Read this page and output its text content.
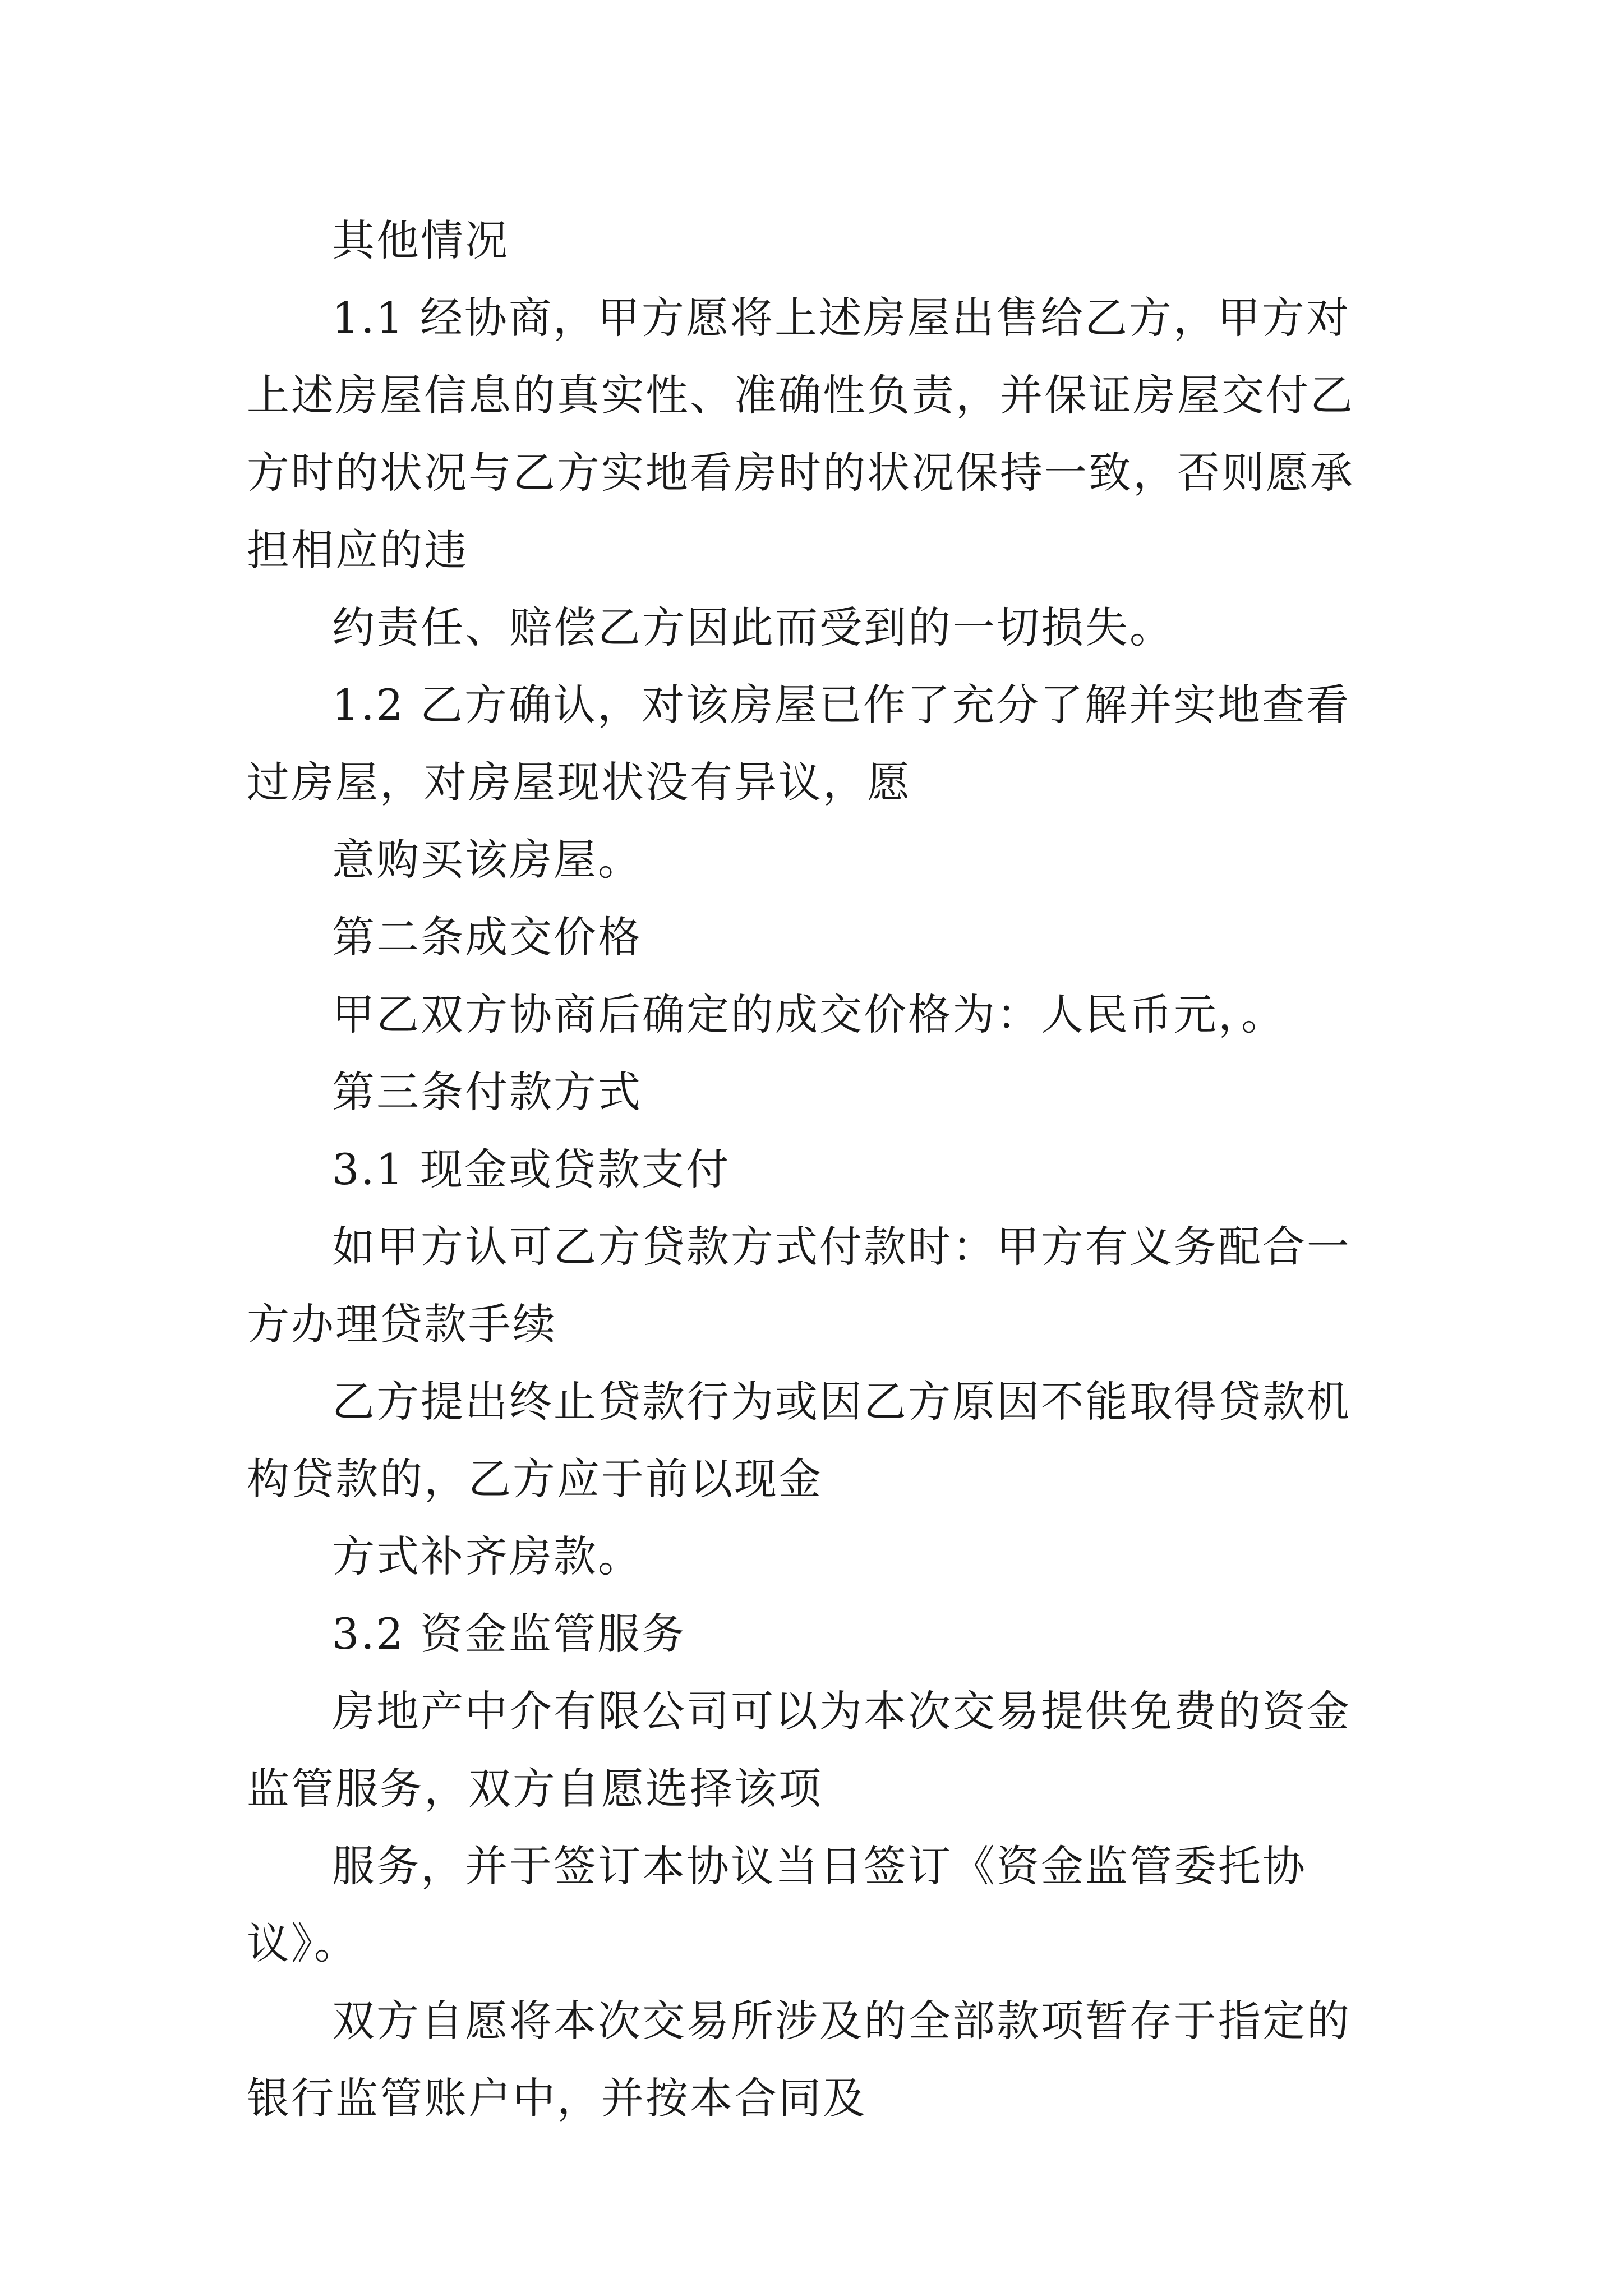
其他情况

1.1 经协商，甲方愿将上述房屋出售给乙方，甲方对上述房屋信息的真实性、准确性负责，并保证房屋交付乙方时的状况与乙方实地看房时的状况保持一致，否则愿承担相应的违

约责任、赔偿乙方因此而受到的一切损失。

1.2 乙方确认，对该房屋已作了充分了解并实地查看过房屋，对房屋现状没有异议，愿

意购买该房屋。

第二条成交价格

甲乙双方协商后确定的成交价格为：人民币元，。

第三条付款方式

3.1 现金或贷款支付

如甲方认可乙方贷款方式付款时：甲方有义务配合一方办理贷款手续

乙方提出终止贷款行为或因乙方原因不能取得贷款机构贷款的，乙方应于前以现金

方式补齐房款。

3.2 资金监管服务

房地产中介有限公司可以为本次交易提供免费的资金监管服务，双方自愿选择该项

服务，并于签订本协议当日签订《资金监管委托协议》。

双方自愿将本次交易所涉及的全部款项暂存于指定的银行监管账户中，并按本合同及
